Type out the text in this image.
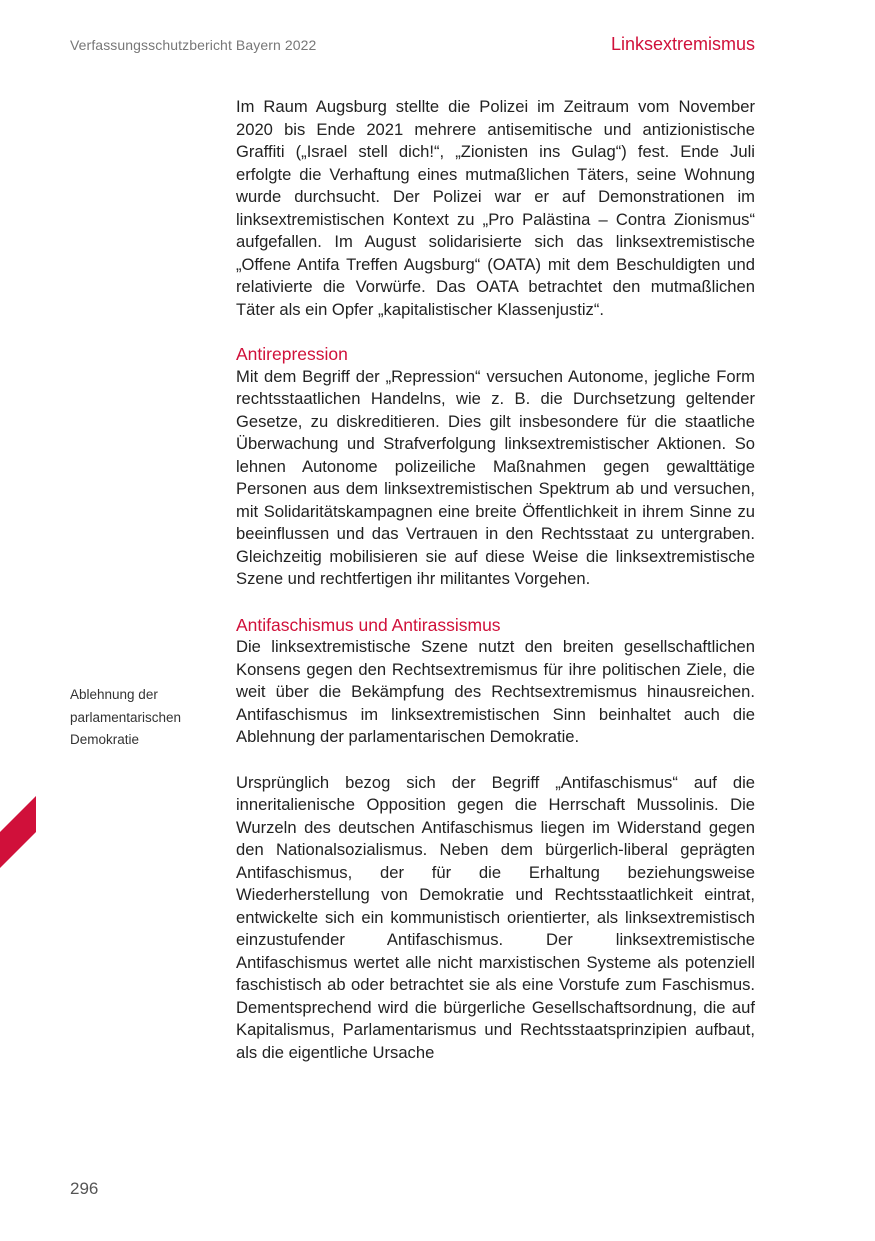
Verfassungsschutzbericht Bayern 2022	Linksextremismus
Ablehnung der
parlamentarischen
Demokratie

Im Raum Augsburg stellte die Polizei im Zeitraum vom November 2020 bis Ende 2021 mehrere antisemitische und antizionistische Graffiti („Israel stell dich!“, „Zionisten ins Gulag“) fest. Ende Juli erfolgte die Verhaftung eines mutmaßlichen Täters, seine Wohnung wurde durchsucht. Der Polizei war er auf Demonstrationen im linksextremistischen Kontext zu „Pro Palästina – Contra Zionismus“ aufgefallen. Im August solidarisierte sich das linksextremistische „Offene Antifa Treffen Augsburg“ (OATA) mit dem Beschuldigten und relativierte die Vorwürfe. Das OATA betrachtet den mutmaßlichen Täter als ein Opfer „kapitalistischer Klassenjustiz“.

Antirepression

Mit dem Begriff der „Repression“ versuchen Autonome, jegliche Form rechtsstaatlichen Handelns, wie z. B. die Durchsetzung geltender Gesetze, zu diskreditieren. Dies gilt insbesondere für die staatliche Überwachung und Strafverfolgung linksextremistischer Aktionen. So lehnen Autonome polizeiliche Maßnahmen gegen gewalttätige Personen aus dem linksextremistischen Spektrum ab und versuchen, mit Solidaritätskampagnen eine breite Öffentlichkeit in ihrem Sinne zu beeinflussen und das Vertrauen in den Rechtsstaat zu untergraben. Gleichzeitig mobilisieren sie auf diese Weise die linksextremistische Szene und rechtfertigen ihr militantes Vorgehen.

Antifaschismus und Antirassismus

Die linksextremistische Szene nutzt den breiten gesellschaftlichen Konsens gegen den Rechtsextremismus für ihre politischen Ziele, die weit über die Bekämpfung des Rechtsextremismus hinausreichen. Antifaschismus im linksextremistischen Sinn beinhaltet auch die Ablehnung der parlamentarischen Demokratie.

Ursprünglich bezog sich der Begriff „Antifaschismus“ auf die inneritalienische Opposition gegen die Herrschaft Mussolinis. Die Wurzeln des deutschen Antifaschismus liegen im Widerstand gegen den Nationalsozialismus. Neben dem bürgerlich-liberal geprägten Antifaschismus, der für die Erhaltung beziehungsweise Wiederherstellung von Demokratie und Rechtsstaatlichkeit eintrat, entwickelte sich ein kommunistisch orientierter, als linksextremistisch einzustufender Antifaschismus. Der linksextremistische Antifaschismus wertet alle nicht marxistischen Systeme als potenziell faschistisch ab oder betrachtet sie als eine Vorstufe zum Faschismus. Dementsprechend wird die bürgerliche Gesellschaftsordnung, die auf Kapitalismus, Parlamentarismus und Rechtsstaatsprinzipien aufbaut, als die eigentliche Ursache

296
